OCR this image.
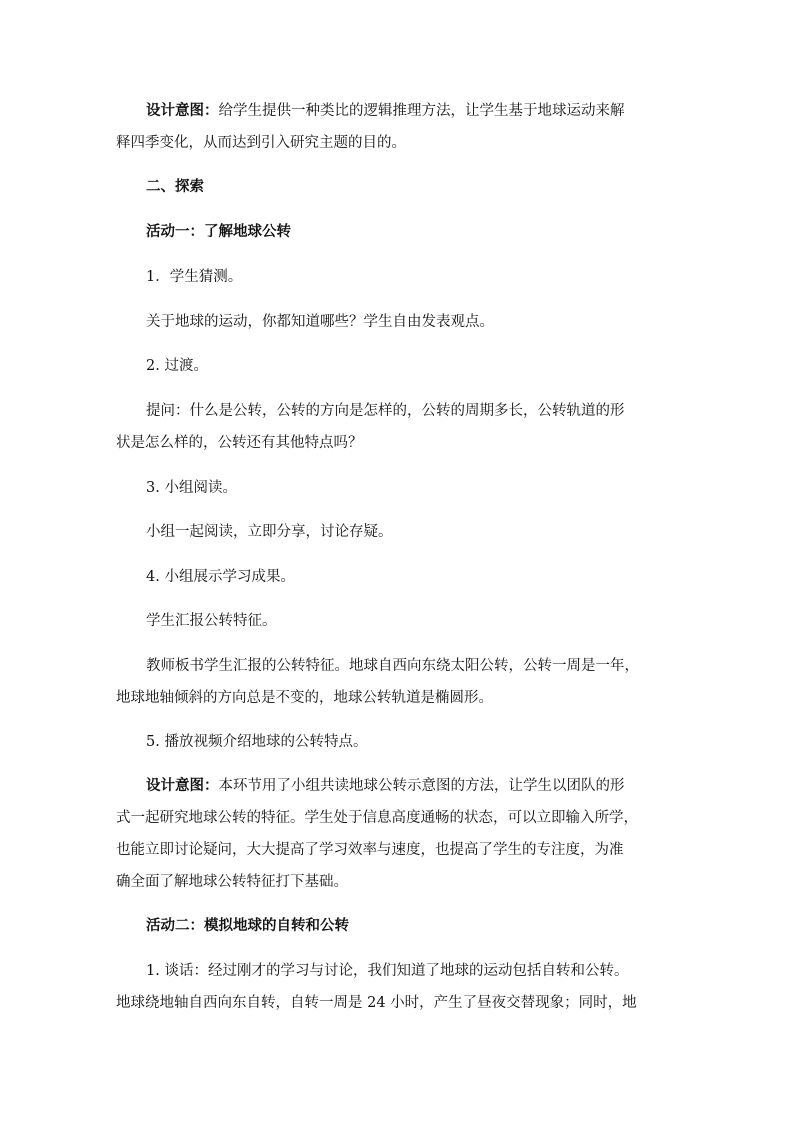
设计意图：给学生提供一种类比的逻辑推理方法，让学生基于地球运动来解
释四季变化，从而达到引入研究主题的目的。
二、探索
活动一：了解地球公转
1．学生猜测。
关于地球的运动，你都知道哪些？学生自由发表观点。
2. 过渡。
提问：什么是公转，公转的方向是怎样的，公转的周期多长，公转轨道的形
状是怎么样的，公转还有其他特点吗？
3. 小组阅读。
小组一起阅读，立即分享，讨论存疑。
4. 小组展示学习成果。
学生汇报公转特征。
教师板书学生汇报的公转特征。地球自西向东绕太阳公转，公转一周是一年，
地球地轴倾斜的方向总是不变的，地球公转轨道是椭圆形。
5. 播放视频介绍地球的公转特点。
设计意图：本环节用了小组共读地球公转示意图的方法，让学生以团队的形
式一起研究地球公转的特征。学生处于信息高度通畅的状态，可以立即输入所学，
也能立即讨论疑问，大大提高了学习效率与速度，也提高了学生的专注度，为准
确全面了解地球公转特征打下基础。
活动二：模拟地球的自转和公转
1. 谈话：经过刚才的学习与讨论，我们知道了地球的运动包括自转和公转。
地球绕地轴自西向东自转，自转一周是 24 小时，产生了昼夜交替现象；同时，地
